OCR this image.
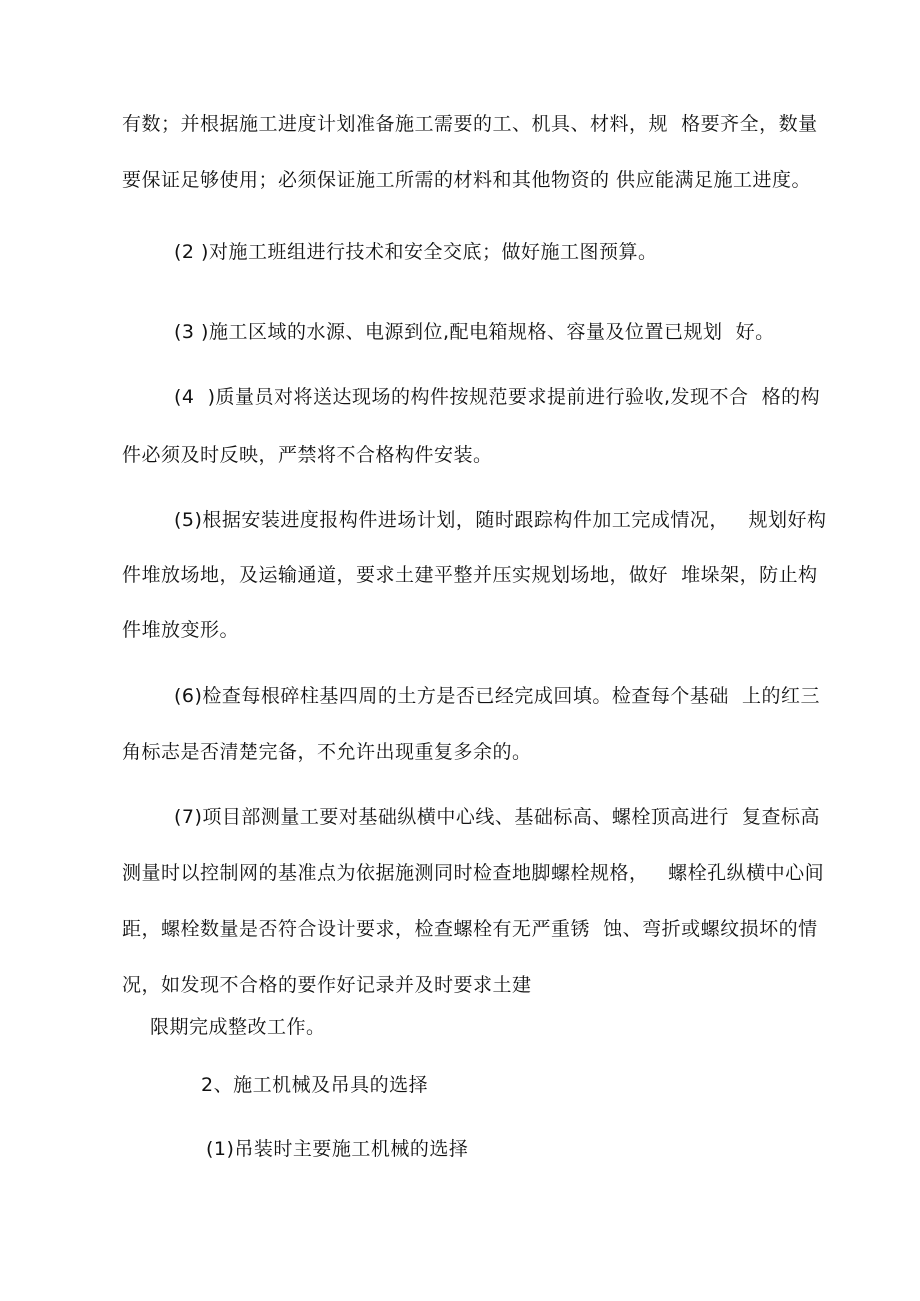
有数；并根据施工进度计划准备施工需要的工、机具、材料，规  格要齐全，数量
要保证足够使用；必须保证施工所需的材料和其他物资的 供应能满足施工进度。
(2 )对施工班组进行技术和安全交底；做好施工图预算。
(3 )施工区域的水源、电源到位,配电箱规格、容量及位置已规划  好。
(4  )质量员对将送达现场的构件按规范要求提前进行验收,发现不合  格的构
件必须及时反映，严禁将不合格构件安装。
(5)根据安装进度报构件进场计划，随时跟踪构件加工完成情况，   规划好构
件堆放场地，及运输通道，要求土建平整并压实规划场地，做好  堆垛架，防止构
件堆放变形。
(6)检查每根碎柱基四周的土方是否已经完成回填。检查每个基础  上的红三
角标志是否清楚完备，不允许出现重复多余的。
(7)项目部测量工要对基础纵横中心线、基础标高、螺栓顶高进行  复查标高
测量时以控制网的基准点为依据施测同时检查地脚螺栓规格，   螺栓孔纵横中心间
距，螺栓数量是否符合设计要求，检查螺栓有无严重锈  蚀、弯折或螺纹损坏的情
况，如发现不合格的要作好记录并及时要求土建
限期完成整改工作。
2、施工机械及吊具的选择
(1)吊装时主要施工机械的选择
